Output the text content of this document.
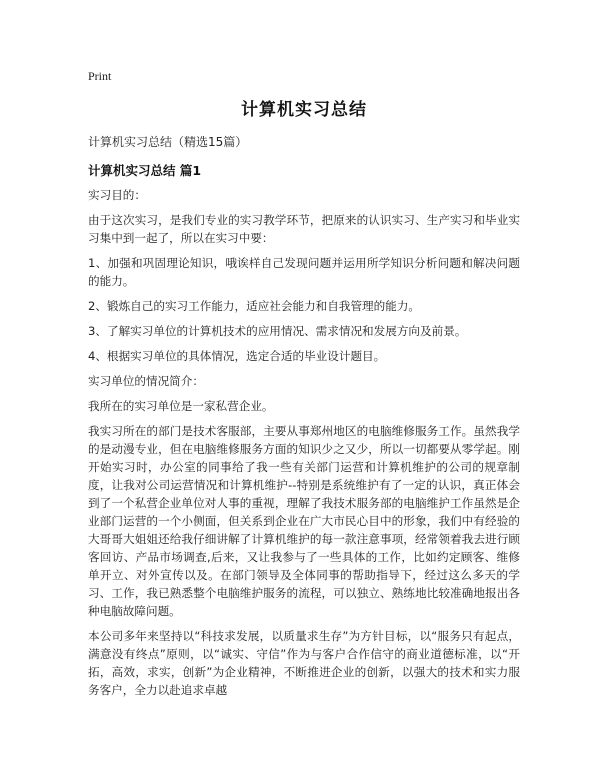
Print
计算机实习总结
计算机实习总结（精选15篇）
计算机实习总结 篇1

实习目的：

由于这次实习，是我们专业的实习教学环节，把原来的认识实习、生产实习和毕业实习集中到一起了，所以在实习中要：

1、加强和巩固理论知识，哦诶样自己发现问题并运用所学知识分析问题和解决问题的能力。

2、锻炼自己的实习工作能力，适应社会能力和自我管理的能力。

3、了解实习单位的计算机技术的应用情况、需求情况和发展方向及前景。

4、根据实习单位的具体情况，选定合适的毕业设计题目。

实习单位的情况简介：

我所在的实习单位是一家私营企业。

我实习所在的部门是技术客服部，主要从事郑州地区的电脑维修服务工作。虽然我学的是动漫专业，但在电脑维修服务方面的知识少之又少，所以一切都要从零学起。刚开始实习时，办公室的同事给了我一些有关部门运营和计算机维护的公司的规章制度，让我对公司运营情况和计算机维护--特别是系统维护有了一定的认识，真正体会到了一个私营企业单位对人事的重视，理解了我技术服务部的电脑维护工作虽然是企业部门运营的一个小侧面，但关系到企业在广大市民心目中的形象，我们中有经验的大哥哥大姐姐还给我仔细讲解了计算机维护的每一款注意事项，经常领着我去进行顾客回访、产品市场调查,后来，又让我参与了一些具体的工作，比如约定顾客、维修单开立、对外宣传以及。在部门领导及全体同事的帮助指导下，经过这么多天的学习、工作，我已熟悉整个电脑维护服务的流程，可以独立、熟练地比较准确地报出各种电脑故障问题。

本公司多年来坚持以“科技求发展，以质量求生存”为方针目标，以“服务只有起点，满意没有终点”原则，以“诚实、守信”作为与客户合作信守的商业道德标准，以“开拓，高效，求实，创新”为企业精神，不断推进企业的创新，以强大的技术和实力服务客户，全力以赴追求卓越
